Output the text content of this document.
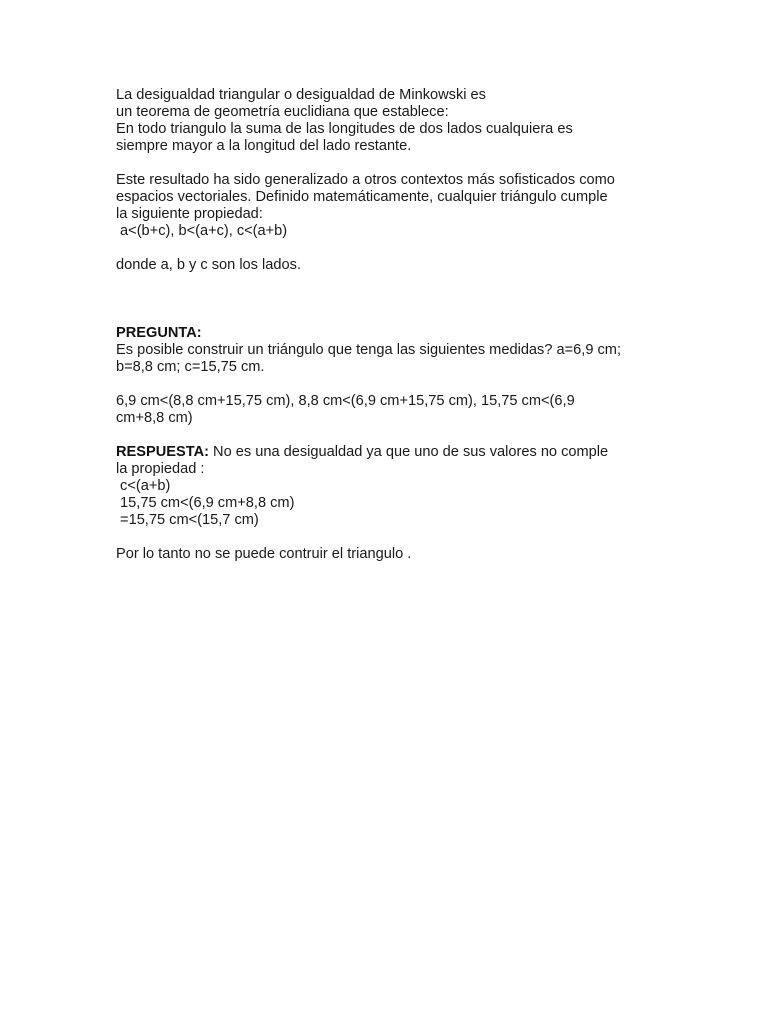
La desigualdad triangular o desigualdad de Minkowski es
un teorema de geometría euclidiana que establece:
En todo triangulo la suma de las longitudes de dos lados cualquiera es
siempre mayor a la longitud del lado restante.
Este resultado ha sido generalizado a otros contextos más sofisticados como
espacios vectoriales. Definido matemáticamente, cualquier triángulo cumple
la siguiente propiedad:
a<(b+c), b<(a+c), c<(a+b)
donde a, b y c son los lados.
PREGUNTA:
Es posible construir un triángulo que tenga las siguientes medidas? a=6,9 cm;
b=8,8 cm; c=15,75 cm.
6,9 cm<(8,8 cm+15,75 cm), 8,8 cm<(6,9 cm+15,75 cm), 15,75 cm<(6,9
cm+8,8 cm)
RESPUESTA: No es una desigualdad ya que uno de sus valores no comple
la propiedad :
c<(a+b)
15,75 cm<(6,9 cm+8,8 cm)
=15,75 cm<(15,7 cm)
Por lo tanto no se puede contruir el triangulo .
